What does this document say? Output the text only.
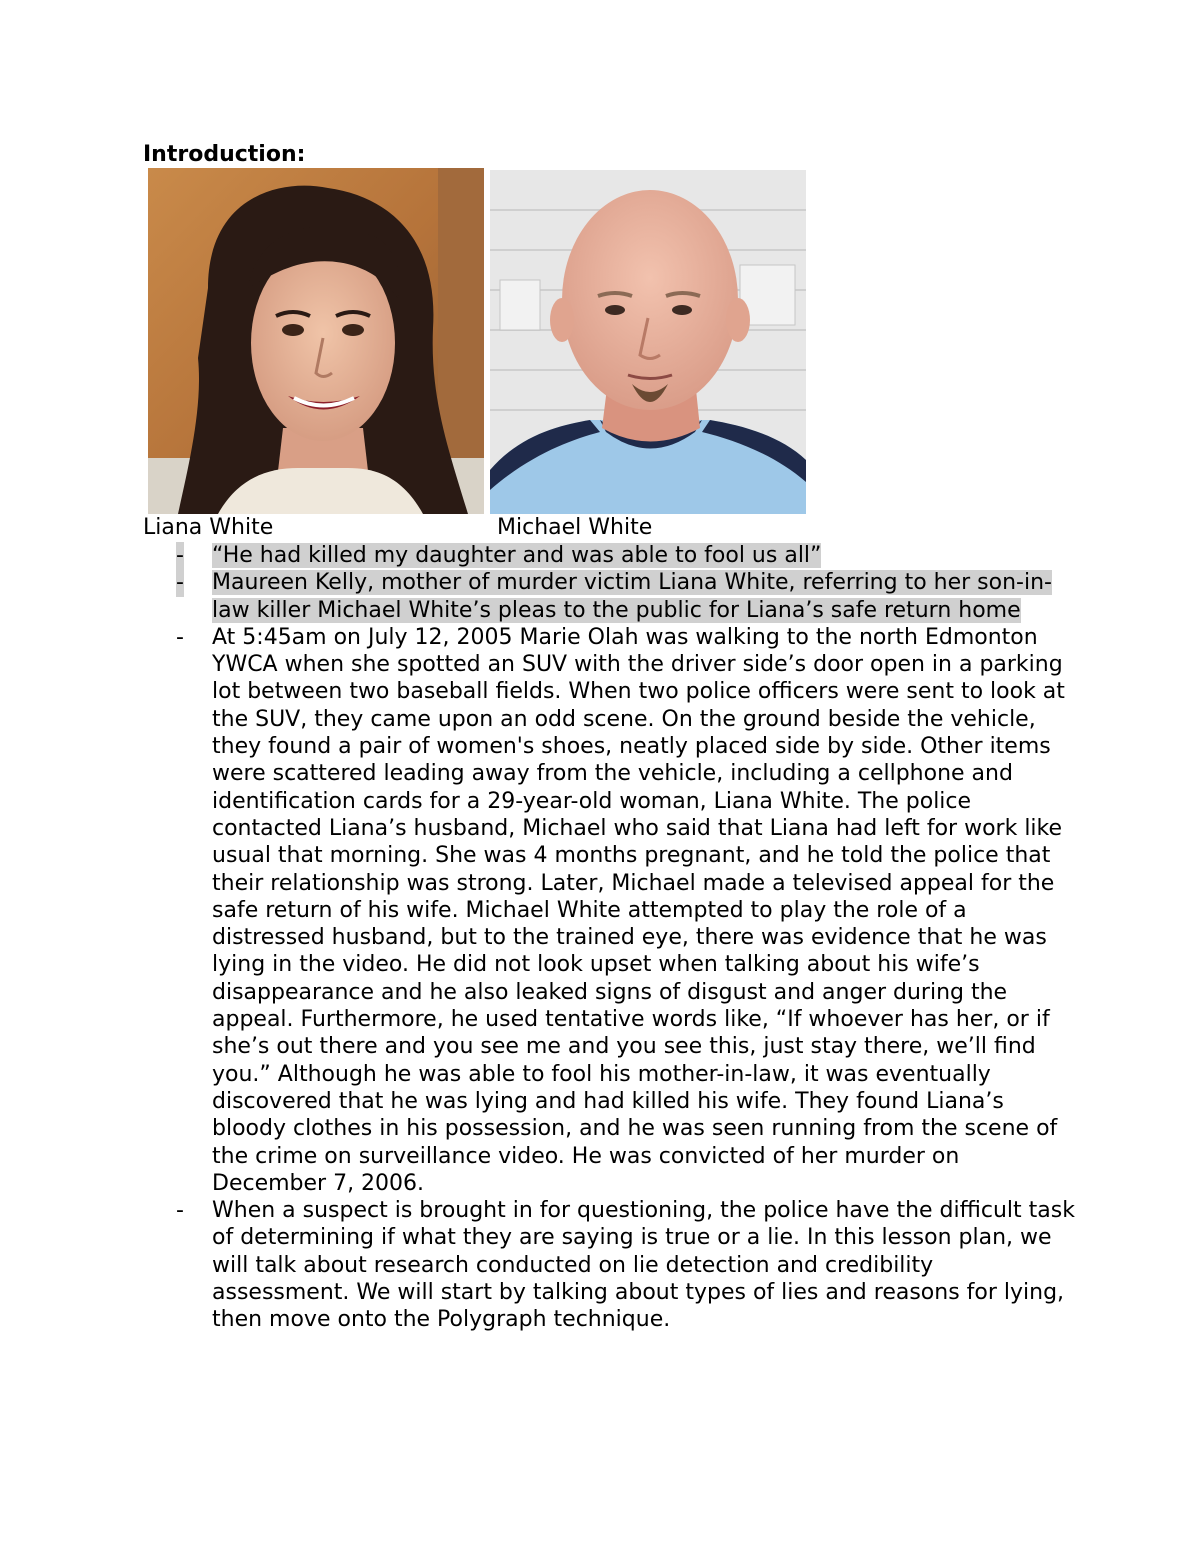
Introduction:
Liana White	Michael White
- “He had killed my daughter and was able to fool us all”
- Maureen Kelly, mother of murder victim Liana White, referring to her son-in-law killer Michael White’s pleas to the public for Liana’s safe return home
- At 5:45am on July 12, 2005 Marie Olah was walking to the north Edmonton YWCA when she spotted an SUV with the driver side’s door open in a parking lot between two baseball fields. When two police officers were sent to look at the SUV, they came upon an odd scene. On the ground beside the vehicle, they found a pair of women's shoes, neatly placed side by side. Other items were scattered leading away from the vehicle, including a cellphone and identification cards for a 29-year-old woman, Liana White. The police contacted Liana’s husband, Michael who said that Liana had left for work like usual that morning. She was 4 months pregnant, and he told the police that their relationship was strong. Later, Michael made a televised appeal for the safe return of his wife. Michael White attempted to play the role of a distressed husband, but to the trained eye, there was evidence that he was lying in the video. He did not look upset when talking about his wife’s disappearance and he also leaked signs of disgust and anger during the appeal. Furthermore, he used tentative words like, “If whoever has her, or if she’s out there and you see me and you see this, just stay there, we’ll find you.” Although he was able to fool his mother-in-law, it was eventually discovered that he was lying and had killed his wife. They found Liana’s bloody clothes in his possession, and he was seen running from the scene of the crime on surveillance video. He was convicted of her murder on December 7, 2006.
- When a suspect is brought in for questioning, the police have the difficult task of determining if what they are saying is true or a lie. In this lesson plan, we will talk about research conducted on lie detection and credibility assessment. We will start by talking about types of lies and reasons for lying, then move onto the Polygraph technique.
